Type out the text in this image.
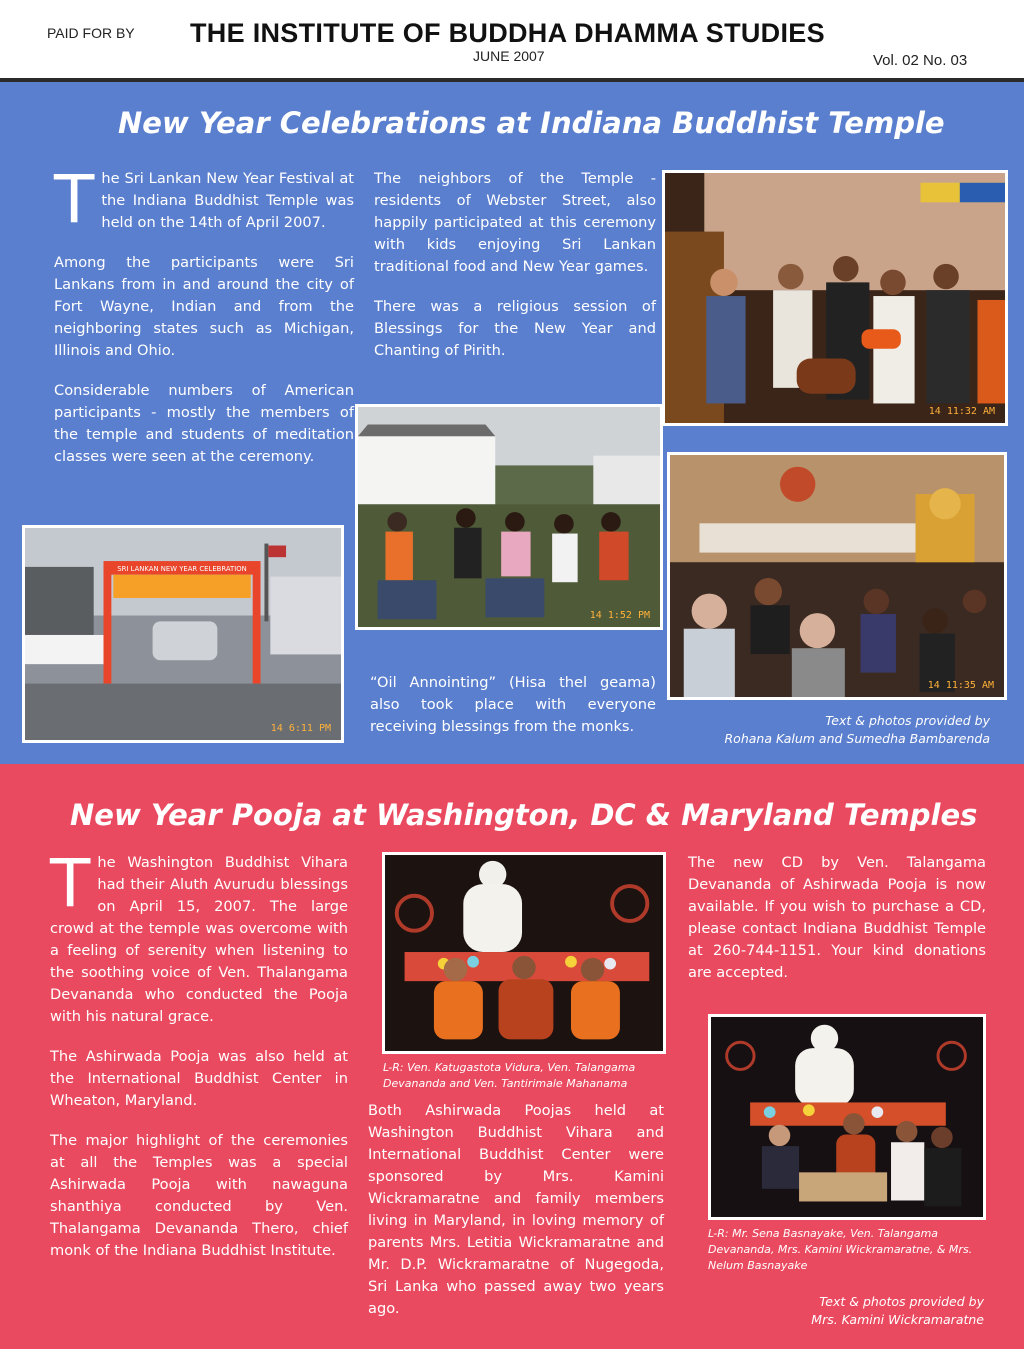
PAID FOR BY THE INSTITUTE OF BUDDHA DHAMMA STUDIES
JUNE 2007	Vol. 02 No. 03
New Year Celebrations at Indiana Buddhist Temple

The Sri Lankan New Year Festival at the Indiana Buddhist Temple was held on the 14th of April 2007.

Among the participants were Sri Lankans from in and around the city of Fort Wayne, Indian and from the neighboring states such as Michigan, Illinois and Ohio.

Considerable numbers of American participants - mostly the members of the temple and students of meditation classes were seen at the ceremony.

The neighbors of the Temple - residents of Webster Street, also happily participated at this ceremony with kids enjoying Sri Lankan traditional food and New Year games.

There was a religious session of Blessings for the New Year and Chanting of Pirith.

14 11:32 AM
14 1:52 PM
14 11:35 AM
SRI LANKAN NEW YEAR CELEBRATION
14 6:11 PM

“Oil Annointing” (Hisa thel geama) also took place with everyone receiving blessings from the monks.	Text & photos provided by
Rohana Kalum and Sumedha Bambarenda
New Year Pooja at Washington, DC & Maryland Temples

The Washington Buddhist Vihara had their Aluth Avurudu blessings on April 15, 2007. The large crowd at the temple was overcome with a feeling of serenity when listening to the soothing voice of Ven. Thalangama Devananda who conducted the Pooja with his natural grace.

The Ashirwada Pooja was also held at the International Buddhist Center in Wheaton, Maryland.

The major highlight of the ceremonies at all the Temples was a special Ashirwada Pooja with nawaguna shanthiya conducted by Ven. Thalangama Devananda Thero, chief monk of the Indiana Buddhist Institute.

L-R: Ven. Katugastota Vidura, Ven. Talangama Devananda and Ven. Tantirimale Mahanama

Both Ashirwada Poojas held at Washington Buddhist Vihara and International Buddhist Center were sponsored by Mrs. Kamini Wickramaratne and family members living in Maryland, in loving memory of parents Mrs. Letitia Wickramaratne and Mr. D.P. Wickramaratne of Nugegoda, Sri Lanka who passed away two years ago.

The new CD by Ven. Talangama Devananda of Ashirwada Pooja is now available. If you wish to purchase a CD, please contact Indiana Buddhist Temple at 260-744-1151. Your kind donations are accepted.

L-R: Mr. Sena Basnayake, Ven. Talangama Devananda, Mrs. Kamini Wickramaratne, & Mrs. Nelum Basnayake
Text & photos provided by
Mrs. Kamini Wickramaratne
